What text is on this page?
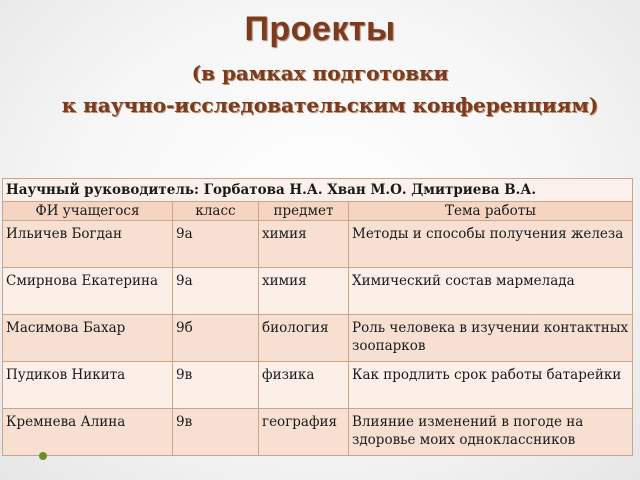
Проекты
(в рамках подготовки
к научно-исследовательским конференциям)
Научный руководитель: Горбатова Н.А. Хван М.О. Дмитриева В.А.			
ФИ учащегося	класс	предмет	Тема работы
Ильичев Богдан	9а	химия	Методы и способы получения железа
Смирнова Екатерина	9а	химия	Химический состав мармелада
Масимова Бахар	9б	биология	Роль человека в изучении контактных зоопарков
Пудиков Никита	9в	физика	Как продлить срок работы батарейки
Кремнева Алина	9в	география	Влияние изменений в погоде на здоровье моих одноклассников
